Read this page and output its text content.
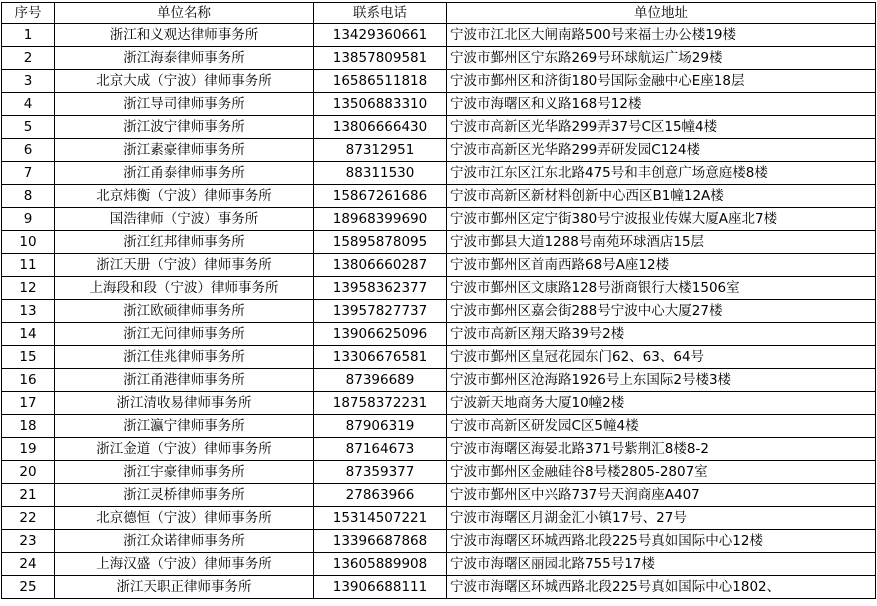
序号	单位名称	联系电话	单位地址
1	浙江和义观达律师事务所	13429360661	宁波市江北区大闸南路500号来福士办公楼19楼
2	浙江海泰律师事务所	13857809581	宁波市鄞州区宁东路269号环球航运广场29楼
3	北京大成（宁波）律师事务所	16586511818	宁波市鄞州区和济街180号国际金融中心E座18层
4	浙江导司律师事务所	13506883310	宁波市海曙区和义路168号12楼
5	浙江波宁律师事务所	13806666430	宁波市高新区光华路299弄37号C区15幢4楼
6	浙江素豪律师事务所	87312951	宁波市高新区光华路299弄研发园C124楼
7	浙江甬泰律师事务所	88311530	宁波市江东区江东北路475号和丰创意广场意庭楼8楼
8	北京炜衡（宁波）律师事务所	15867261686	宁波市高新区新材料创新中心西区B1幢12A楼
9	国浩律师（宁波）事务所	18968399690	宁波市鄞州区定宁街380号宁波报业传媒大厦A座北7楼
10	浙江红邦律师事务所	15895878095	宁波市鄞县大道1288号南苑环球酒店15层
11	浙江天册（宁波）律师事务所	13806660287	宁波市鄞州区首南西路68号A座12楼
12	上海段和段（宁波）律师事务所	13958362377	宁波市鄞州区文康路128号浙商银行大楼1506室
13	浙江欧硕律师事务所	13957827737	宁波市鄞州区嘉会街288号宁波中心大厦27楼
14	浙江无问律师事务所	13906625096	宁波市高新区翔天路39号2楼
15	浙江佳兆律师事务所	13306676581	宁波市鄞州区皇冠花园东门62、63、64号
16	浙江甬港律师事务所	87396689	宁波市鄞州区沧海路1926号上东国际2号楼3楼
17	浙江清收易律师事务所	18758372231	宁波新天地商务大厦10幢2楼
18	浙江瀛宁律师事务所	87906319	宁波市高新区研发园C区5幢4楼
19	浙江金道（宁波）律师事务所	87164673	宁波市海曙区海晏北路371号紫荆汇8楼8-2
20	浙江宇豪律师事务所	87359377	宁波市鄞州区金融硅谷8号楼2805-2807室
21	浙江灵桥律师事务所	27863966	宁波市鄞州区中兴路737号天润商座A407
22	北京德恒（宁波）律师事务所	15314507221	宁波市海曙区月湖金汇小镇17号、27号
23	浙江众诺律师事务所	13396687868	宁波市海曙区环城西路北段225号真如国际中心12楼
24	上海汉盛（宁波）律师事务所	13605889908	宁波市海曙区丽园北路755号17楼
25	浙江天职正律师事务所	13906688111	宁波市海曙区环城西路北段225号真如国际中心1802、
